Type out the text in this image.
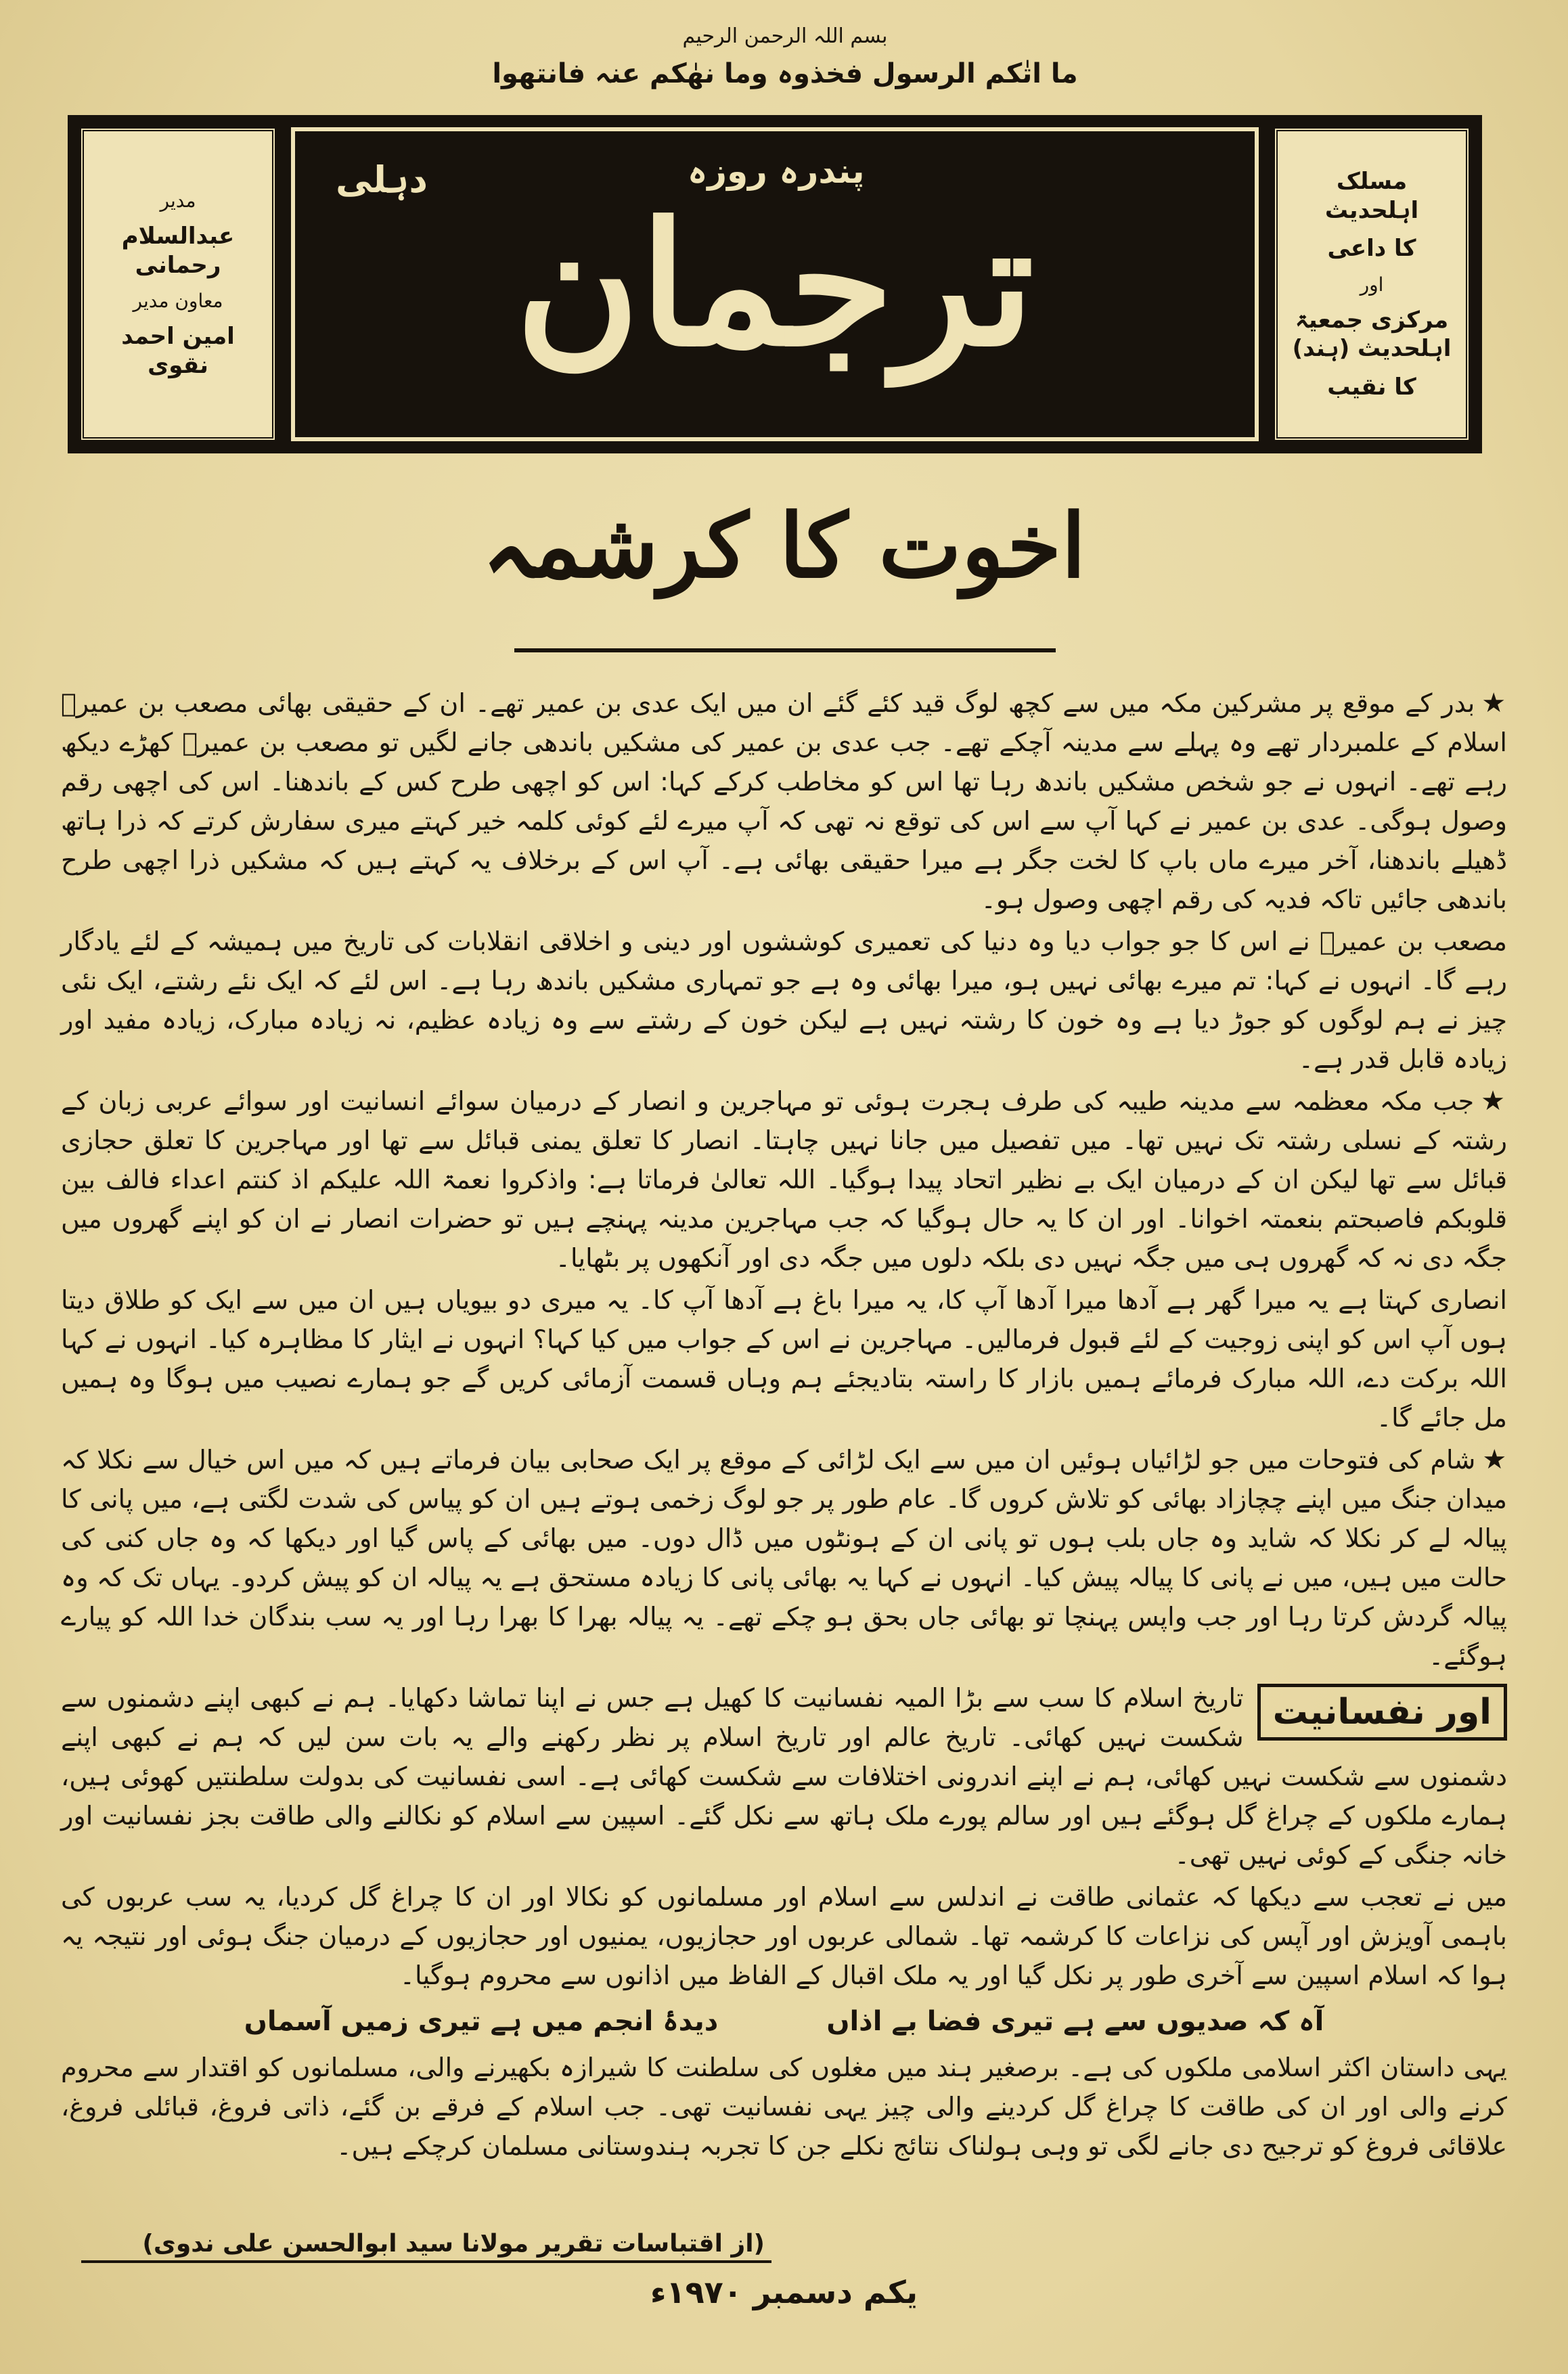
بسم اللہ الرحمن الرحیم
ما اتٰکم الرسول فخذوہ وما نھٰکم عنہ فانتھوا
مسلک اہلحدیث
کا داعی
اور
مرکزی جمعیۃ اہلحدیث (ہند)
کا نقیب
پندرہ روزہ
ترجمان
دہلی
مدیر
عبدالسلام رحمانی
معاون مدیر
امین احمد نقوی
اخوت کا کرشمہ

★بدر کے موقع پر مشرکین مکہ میں سے کچھ لوگ قید کئے گئے ان میں ایک عدی بن عمیر تھے۔ ان کے حقیقی بھائی مصعب بن عمیرؓ اسلام کے علمبردار تھے وہ پہلے سے مدینہ آچکے تھے۔ جب عدی بن عمیر کی مشکیں باندھی جانے لگیں تو مصعب بن عمیرؓ کھڑے دیکھ رہے تھے۔ انہوں نے جو شخص مشکیں باندھ رہا تھا اس کو مخاطب کرکے کہا: اس کو اچھی طرح کس کے باندھنا۔ اس کی اچھی رقم وصول ہوگی۔ عدی بن عمیر نے کہا آپ سے اس کی توقع نہ تھی کہ آپ میرے لئے کوئی کلمہ خیر کہتے میری سفارش کرتے کہ ذرا ہاتھ ڈھیلے باندھنا، آخر میرے ماں باپ کا لخت جگر ہے میرا حقیقی بھائی ہے۔ آپ اس کے برخلاف یہ کہتے ہیں کہ مشکیں ذرا اچھی طرح باندھی جائیں تاکہ فدیہ کی رقم اچھی وصول ہو۔

مصعب بن عمیرؓ نے اس کا جو جواب دیا وہ دنیا کی تعمیری کوششوں اور دینی و اخلاقی انقلابات کی تاریخ میں ہمیشہ کے لئے یادگار رہے گا۔ انہوں نے کہا: تم میرے بھائی نہیں ہو، میرا بھائی وہ ہے جو تمہاری مشکیں باندھ رہا ہے۔ اس لئے کہ ایک نئے رشتے، ایک نئی چیز نے ہم لوگوں کو جوڑ دیا ہے وہ خون کا رشتہ نہیں ہے لیکن خون کے رشتے سے وہ زیادہ عظیم، نہ زیادہ مبارک، زیادہ مفید اور زیادہ قابل قدر ہے۔

★جب مکہ معظمہ سے مدینہ طیبہ کی طرف ہجرت ہوئی تو مہاجرین و انصار کے درمیان سوائے انسانیت اور سوائے عربی زبان کے رشتہ کے نسلی رشتہ تک نہیں تھا۔ میں تفصیل میں جانا نہیں چاہتا۔ انصار کا تعلق یمنی قبائل سے تھا اور مہاجرین کا تعلق حجازی قبائل سے تھا لیکن ان کے درمیان ایک بے نظیر اتحاد پیدا ہوگیا۔ اللہ تعالیٰ فرماتا ہے: واذکروا نعمۃ اللہ علیکم اذ کنتم اعداء فالف بین قلوبکم فاصبحتم بنعمتہ اخوانا۔ اور ان کا یہ حال ہوگیا کہ جب مہاجرین مدینہ پہنچے ہیں تو حضرات انصار نے ان کو اپنے گھروں میں جگہ دی نہ کہ گھروں ہی میں جگہ نہیں دی بلکہ دلوں میں جگہ دی اور آنکھوں پر بٹھایا۔

انصاری کہتا ہے یہ میرا گھر ہے آدھا میرا آدھا آپ کا، یہ میرا باغ ہے آدھا آپ کا۔ یہ میری دو بیویاں ہیں ان میں سے ایک کو طلاق دیتا ہوں آپ اس کو اپنی زوجیت کے لئے قبول فرمالیں۔ مہاجرین نے اس کے جواب میں کیا کہا؟ انہوں نے ایثار کا مظاہرہ کیا۔ انہوں نے کہا اللہ برکت دے، اللہ مبارک فرمائے ہمیں بازار کا راستہ بتادیجئے ہم وہاں قسمت آزمائی کریں گے جو ہمارے نصیب میں ہوگا وہ ہمیں مل جائے گا۔

★شام کی فتوحات میں جو لڑائیاں ہوئیں ان میں سے ایک لڑائی کے موقع پر ایک صحابی بیان فرماتے ہیں کہ میں اس خیال سے نکلا کہ میدان جنگ میں اپنے چچازاد بھائی کو تلاش کروں گا۔ عام طور پر جو لوگ زخمی ہوتے ہیں ان کو پیاس کی شدت لگتی ہے، میں پانی کا پیالہ لے کر نکلا کہ شاید وہ جاں بلب ہوں تو پانی ان کے ہونٹوں میں ڈال دوں۔ میں بھائی کے پاس گیا اور دیکھا کہ وہ جاں کنی کی حالت میں ہیں، میں نے پانی کا پیالہ پیش کیا۔ انہوں نے کہا یہ بھائی پانی کا زیادہ مستحق ہے یہ پیالہ ان کو پیش کردو۔ یہاں تک کہ وہ پیالہ گردش کرتا رہا اور جب واپس پہنچا تو بھائی جاں بحق ہو چکے تھے۔ یہ پیالہ بھرا کا بھرا رہا اور یہ سب بندگان خدا اللہ کو پیارے ہوگئے۔

اور نفسانیت
تاریخ اسلام کا سب سے بڑا المیہ نفسانیت کا کھیل ہے جس نے اپنا تماشا دکھایا۔ ہم نے کبھی اپنے دشمنوں سے شکست نہیں کھائی۔ تاریخ عالم اور تاریخ اسلام پر نظر رکھنے والے یہ بات سن لیں کہ ہم نے کبھی اپنے دشمنوں سے شکست نہیں کھائی، ہم نے اپنے اندرونی اختلافات سے شکست کھائی ہے۔ اسی نفسانیت کی بدولت سلطنتیں کھوئی ہیں، ہمارے ملکوں کے چراغ گل ہوگئے ہیں اور سالم پورے ملک ہاتھ سے نکل گئے۔ اسپین سے اسلام کو نکالنے والی طاقت بجز نفسانیت اور خانہ جنگی کے کوئی نہیں تھی۔

میں نے تعجب سے دیکھا کہ عثمانی طاقت نے اندلس سے اسلام اور مسلمانوں کو نکالا اور ان کا چراغ گل کردیا، یہ سب عربوں کی باہمی آویزش اور آپس کی نزاعات کا کرشمہ تھا۔ شمالی عربوں اور حجازیوں، یمنیوں اور حجازیوں کے درمیان جنگ ہوئی اور نتیجہ یہ ہوا کہ اسلام اسپین سے آخری طور پر نکل گیا اور یہ ملک اقبال کے الفاظ میں اذانوں سے محروم ہوگیا۔

آہ کہ صدیوں سے ہے تیری فضا بے اذاں
دیدۂ انجم میں ہے تیری زمیں آسماں

یہی داستان اکثر اسلامی ملکوں کی ہے۔ برصغیر ہند میں مغلوں کی سلطنت کا شیرازہ بکھیرنے والی، مسلمانوں کو اقتدار سے محروم کرنے والی اور ان کی طاقت کا چراغ گل کردینے والی چیز یہی نفسانیت تھی۔ جب اسلام کے فرقے بن گئے، ذاتی فروغ، قبائلی فروغ، علاقائی فروغ کو ترجیح دی جانے لگی تو وہی ہولناک نتائج نکلے جن کا تجربہ ہندوستانی مسلمان کرچکے ہیں۔

(از اقتباسات تقریر مولانا سید ابوالحسن علی ندوی)
یکم دسمبر ۱۹۷۰ء
